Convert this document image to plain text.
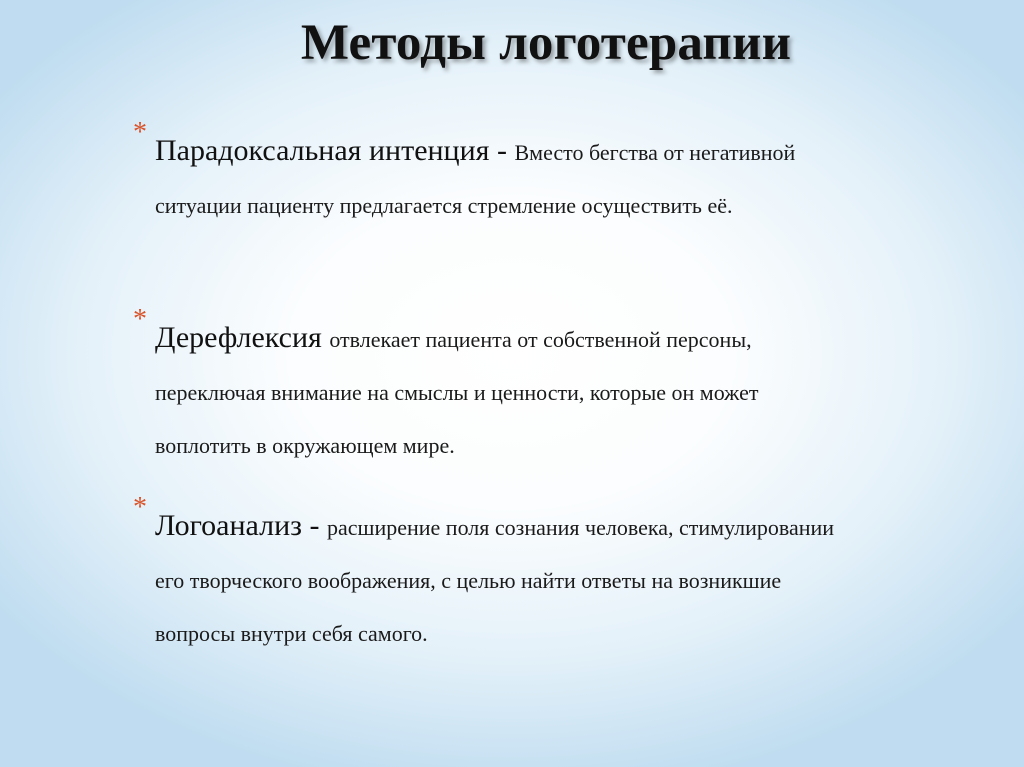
Методы логотерапии
*
Парадоксальная интенция - Вместо бегства от негативной ситуации пациенту предлагается стремление осуществить её.
*
Дерефлексия отвлекает пациента от собственной персоны, переключая внимание на смыслы и ценности, которые он может воплотить в окружающем мире.
*
Логоанализ - расширение поля сознания человека, стимулировании его творческого воображения, с целью найти ответы на возникшие вопросы внутри себя самого.
